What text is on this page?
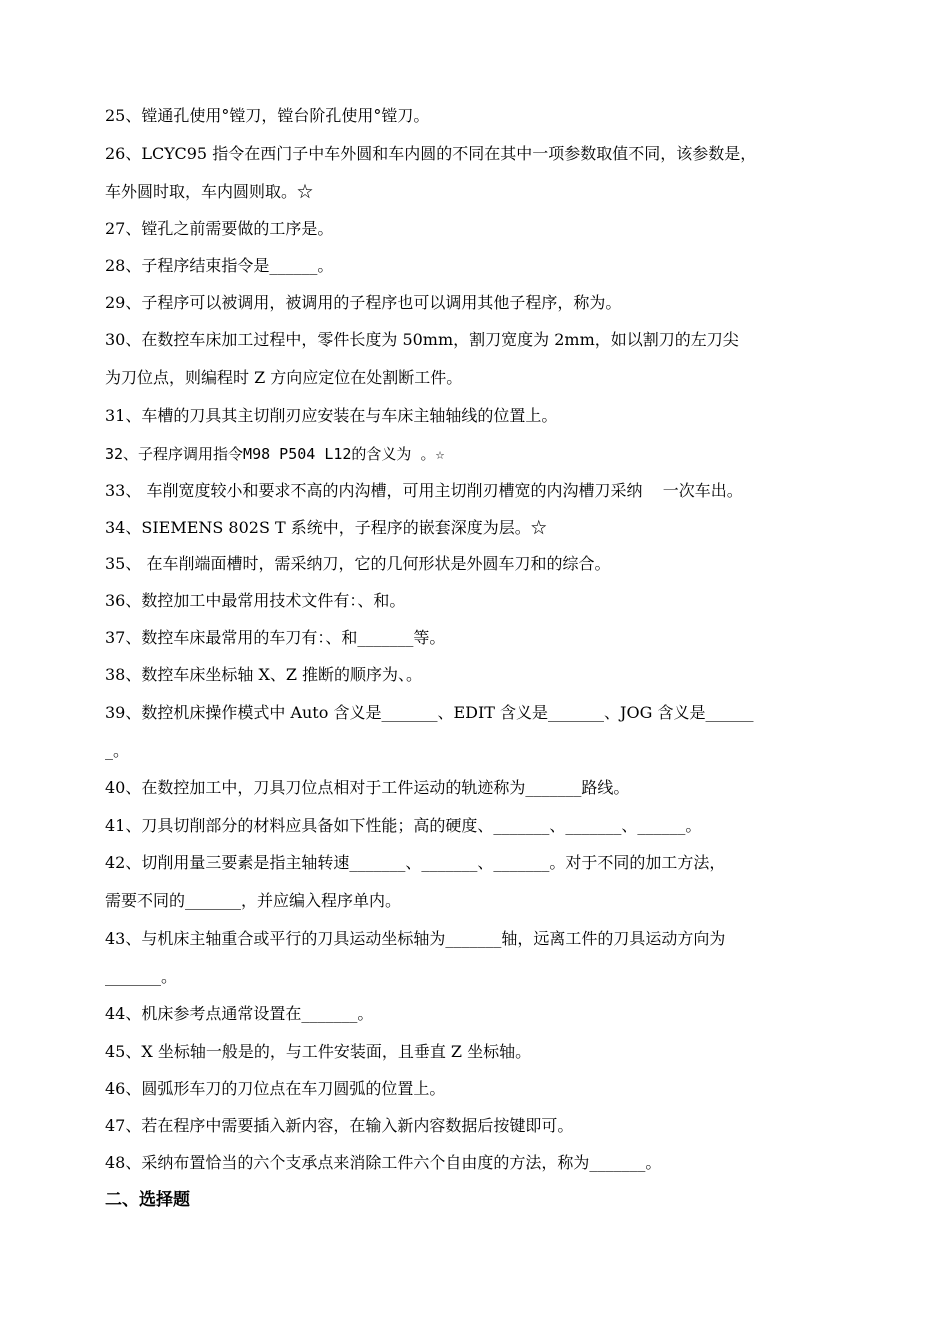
25、镗通孔使用°镗刀，镗台阶孔使用°镗刀。
26、LCYC95 指令在西门子中车外圆和车内圆的不同在其中一项参数取值不同，该参数是，
车外圆时取，车内圆则取。☆
27、镗孔之前需要做的工序是。
28、子程序结束指令是______。
29、子程序可以被调用，被调用的子程序也可以调用其他子程序，称为。
30、在数控车床加工过程中，零件长度为 50mm，割刀宽度为 2mm，如以割刀的左刀尖
为刀位点，则编程时 Z 方向应定位在处割断工件。
31、车槽的刀具其主切削刃应安装在与车床主轴轴线的位置上。
32、子程序调用指令M98 P504 L12的含义为 。☆
33、 车削宽度较小和要求不高的内沟槽，可用主切削刃槽宽的内沟槽刀采纳    一次车出。
34、SIEMENS 802S T 系统中，子程序的嵌套深度为层。☆
35、 在车削端面槽时，需采纳刀，它的几何形状是外圆车刀和的综合。
36、数控加工中最常用技术文件有：、和。
37、数控车床最常用的车刀有：、和_______等。
38、数控车床坐标轴 X、Z 推断的顺序为、。
39、数控机床操作模式中 Auto 含义是_______、EDIT 含义是_______、JOG 含义是______
_。
40、在数控加工中，刀具刀位点相对于工件运动的轨迹称为_______路线。
41、刀具切削部分的材料应具备如下性能；高的硬度、_______、_______、______。
42、切削用量三要素是指主轴转速_______、_______、_______。对于不同的加工方法，
需要不同的_______，并应编入程序单内。
43、与机床主轴重合或平行的刀具运动坐标轴为_______轴，远离工件的刀具运动方向为
_______。
44、机床参考点通常设置在_______。
45、X 坐标轴一般是的，与工件安装面，且垂直 Z 坐标轴。
46、圆弧形车刀的刀位点在车刀圆弧的位置上。
47、若在程序中需要插入新内容，在输入新内容数据后按键即可。
48、采纳布置恰当的六个支承点来消除工件六个自由度的方法，称为_______。
二、选择题
